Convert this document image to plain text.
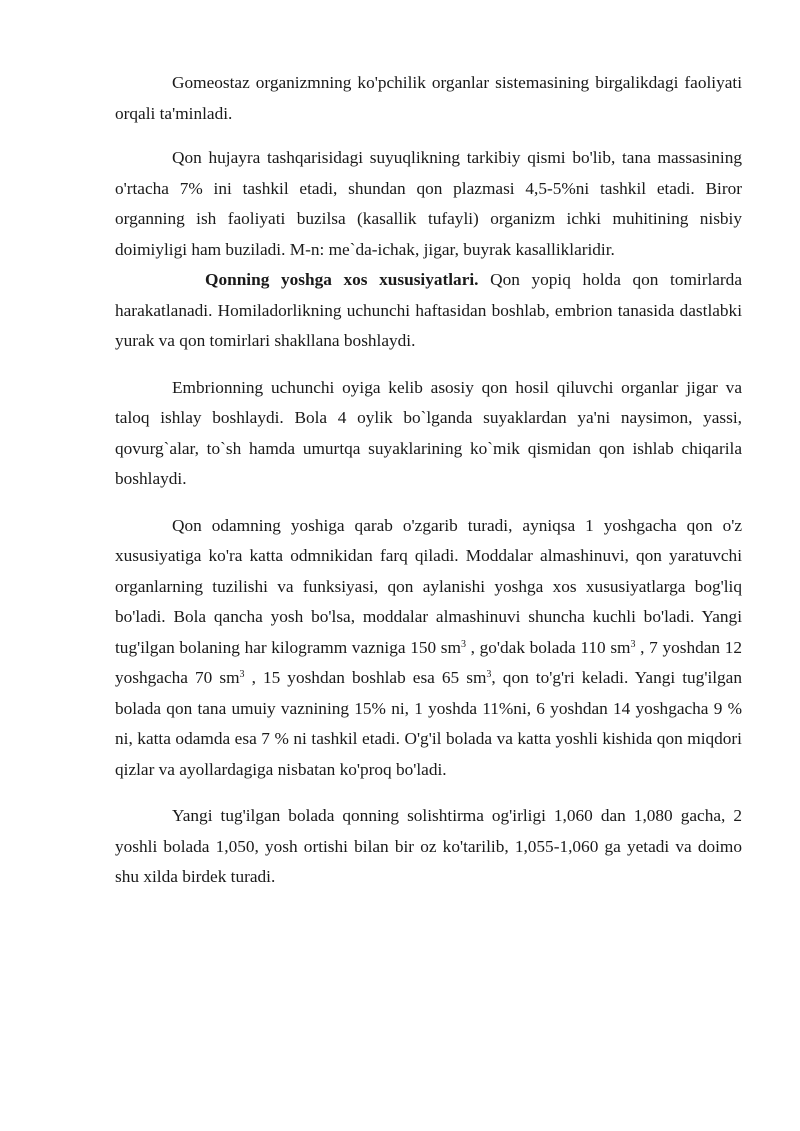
Gomeostaz organizmning ko'pchilik organlar sistemasining birgalikdagi faoliyati orqali ta'minladi.

Qon hujayra tashqarisidagi suyuqlikning tarkibiy qismi bo'lib, tana massasining o'rtacha 7% ini tashkil etadi, shundan qon plazmasi 4,5-5%ni tashkil etadi. Biror organning ish faoliyati buzilsa (kasallik tufayli) organizm ichki muhitining nisbiy doimiyligi ham buziladi. M-n: me`da-ichak, jigar, buyrak kasalliklaridir.

Qonning yoshga xos xususiyatlari. Qon yopiq holda qon tomirlarda harakatlanadi. Homiladorlikning uchunchi haftasidan boshlab, embrion tanasida dastlabki yurak va qon tomirlari shakllana boshlaydi.

Embrionning uchunchi oyiga kelib asosiy qon hosil qiluvchi organlar jigar va taloq ishlay boshlaydi. Bola 4 oylik bo`lganda suyaklardan ya'ni naysimon, yassi, qovurg`alar, to`sh hamda umurtqa suyaklarining ko`mik qismidan qon ishlab chiqarila boshlaydi.

Qon odamning yoshiga qarab o'zgarib turadi, ayniqsa 1 yoshgacha qon o'z xususiyatiga ko'ra katta odmnikidan farq qiladi. Moddalar almashinuvi, qon yaratuvchi organlarning tuzilishi va funksiyasi, qon aylanishi yoshga xos xususiyatlarga bog'liq bo'ladi. Bola qancha yosh bo'lsa, moddalar almashinuvi shuncha kuchli bo'ladi. Yangi tug'ilgan bolaning har kilogramm vazniga 150 $sm^3$ , go'dak bolada 110 $sm^3$ , 7 yoshdan 12 yoshgacha 70 $sm^3$ , 15 yoshdan boshlab esa 65 $sm^3$, qon to'g'ri keladi. Yangi tug'ilgan bolada qon tana umuiy vaznining 15% ni, 1 yoshda 11%ni, 6 yoshdan 14 yoshgacha 9 % ni, katta odamda esa 7 % ni tashkil etadi. O'g'il bolada va katta yoshli kishida qon miqdori qizlar va ayollardagiga nisbatan ko'proq bo'ladi.

Yangi tug'ilgan bolada qonning solishtirma og'irligi 1,060 dan 1,080 gacha, 2 yoshli bolada 1,050, yosh ortishi bilan bir oz ko'tarilib, 1,055-1,060 ga yetadi va doimo shu xilda birdek turadi.
